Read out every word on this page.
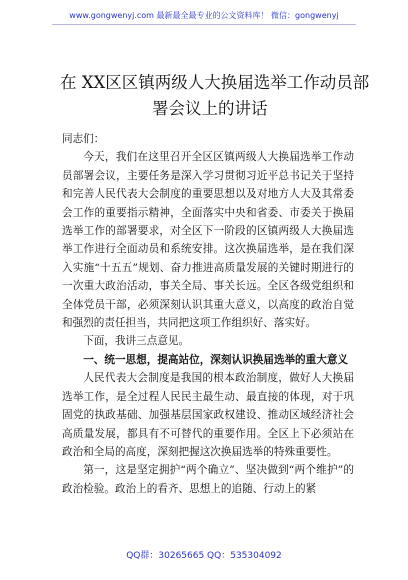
www.gongwenyj.com 最新最全最专业的公文资料库！ 微信：gongwenyj
在 XX区区镇两级人大换届选举工作动员部
署会议上的讲话

同志们：

今天，我们在这里召开全区区镇两级人大换届选举工作动员部署会议，主要任务是深入学习贯彻习近平总书记关于坚持和完善人民代表大会制度的重要思想以及对地方人大及其常委会工作的重要指示精神，全面落实中央和省委、市委关于换届选举工作的部署要求，对全区下一阶段的区镇两级人大换届选举工作进行全面动员和系统安排。这次换届选举，是在我们深入实施“十五五”规划、奋力推进高质量发展的关键时期进行的一次重大政治活动，事关全局、事关长远。全区各级党组织和全体党员干部，必须深刻认识其重大意义，以高度的政治自觉和强烈的责任担当，共同把这项工作组织好、落实好。

下面，我讲三点意见。

一、统一思想，提高站位，深刻认识换届选举的重大意义

人民代表大会制度是我国的根本政治制度，做好人大换届选举工作，是全过程人民民主最生动、最直接的体现，对于巩固党的执政基础、加强基层国家政权建设、推动区域经济社会高质量发展，都具有不可替代的重要作用。全区上下必须站在政治和全局的高度，深刻把握这次换届选举的特殊重要性。

第一，这是坚定拥护“两个确立”、坚决做到“两个维护”的政治检验。政治上的看齐、思想上的追随、行动上的紧

QQ群：30265665 QQ：535304092
